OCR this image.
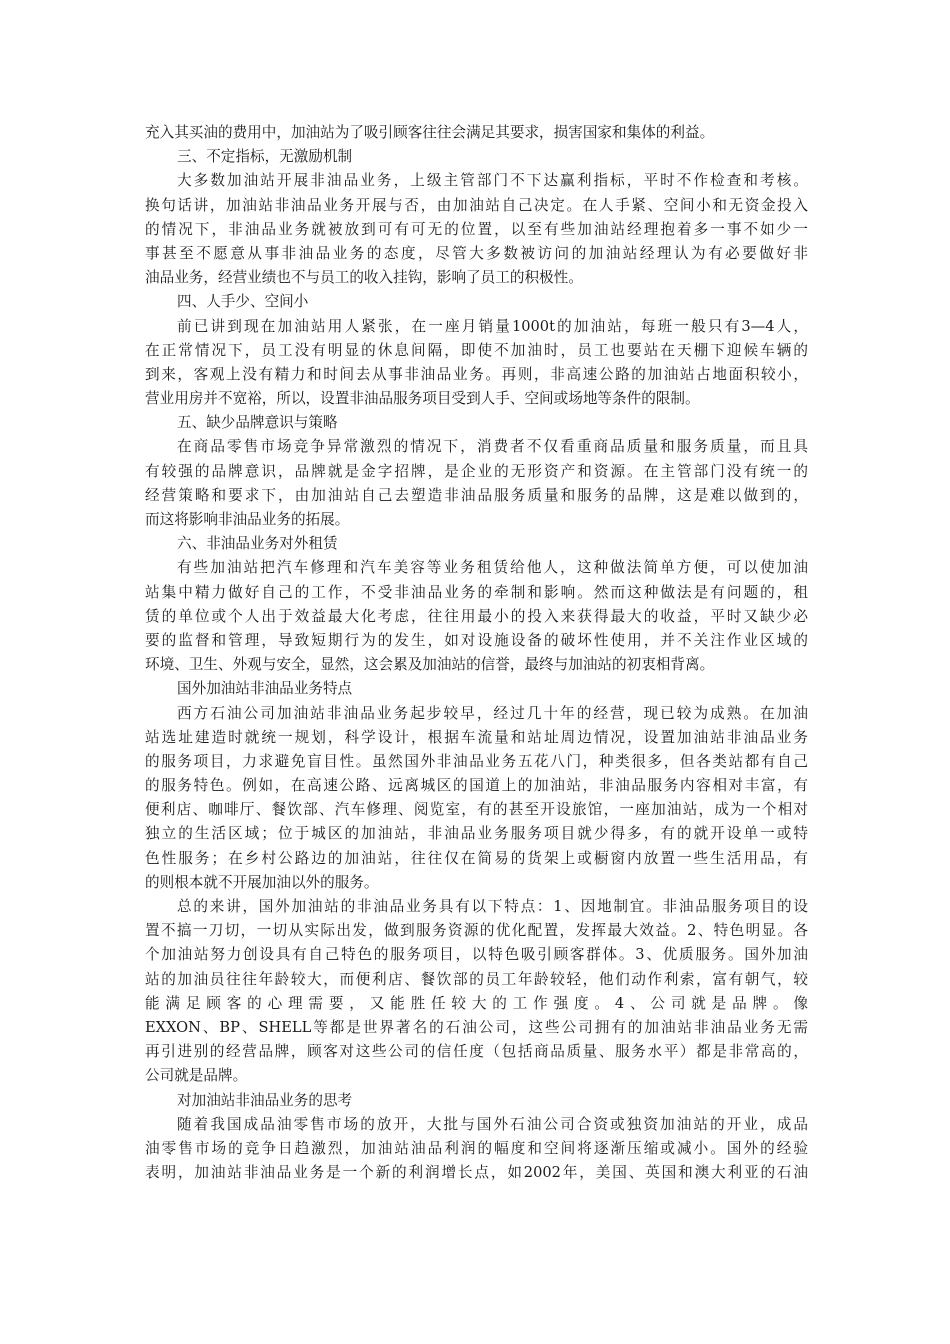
充入其买油的费用中，加油站为了吸引顾客往往会满足其要求，损害国家和集体的利益。
三、不定指标，无激励机制
大多数加油站开展非油品业务，上级主管部门不下达赢利指标，平时不作检查和考核。
换句话讲，加油站非油品业务开展与否，由加油站自己决定。在人手紧、空间小和无资金投入
的情况下，非油品业务就被放到可有可无的位置，以至有些加油站经理抱着多一事不如少一
事甚至不愿意从事非油品业务的态度，尽管大多数被访问的加油站经理认为有必要做好非
油品业务，经营业绩也不与员工的收入挂钩，影响了员工的积极性。
四、人手少、空间小
前已讲到现在加油站用人紧张，在一座月销量1000t的加油站，每班一般只有3—4人，
在正常情况下，员工没有明显的休息间隔，即使不加油时，员工也要站在天棚下迎候车辆的
到来，客观上没有精力和时间去从事非油品业务。再则，非高速公路的加油站占地面积较小，
营业用房并不宽裕，所以，设置非油品服务项目受到人手、空间或场地等条件的限制。
五、缺少品牌意识与策略
在商品零售市场竞争异常激烈的情况下，消费者不仅看重商品质量和服务质量，而且具
有较强的品牌意识，品牌就是金字招牌，是企业的无形资产和资源。在主管部门没有统一的
经营策略和要求下，由加油站自己去塑造非油品服务质量和服务的品牌，这是难以做到的，
而这将影响非油品业务的拓展。
六、非油品业务对外租赁
有些加油站把汽车修理和汽车美容等业务租赁给他人，这种做法简单方便，可以使加油
站集中精力做好自己的工作，不受非油品业务的牵制和影响。然而这种做法是有问题的，租
赁的单位或个人出于效益最大化考虑，往往用最小的投入来获得最大的收益，平时又缺少必
要的监督和管理，导致短期行为的发生，如对设施设备的破坏性使用，并不关注作业区域的
环境、卫生、外观与安全，显然，这会累及加油站的信誉，最终与加油站的初衷相背离。
国外加油站非油品业务特点
西方石油公司加油站非油品业务起步较早，经过几十年的经营，现已较为成熟。在加油
站选址建造时就统一规划，科学设计，根据车流量和站址周边情况，设置加油站非油品业务
的服务项目，力求避免盲目性。虽然国外非油品业务五花八门，种类很多，但各类站都有自己
的服务特色。例如，在高速公路、远离城区的国道上的加油站，非油品服务内容相对丰富，有
便利店、咖啡厅、餐饮部、汽车修理、阅览室，有的甚至开设旅馆，一座加油站，成为一个相对
独立的生活区域；位于城区的加油站，非油品业务服务项目就少得多，有的就开设单一或特
色性服务；在乡村公路边的加油站，往往仅在简易的货架上或橱窗内放置一些生活用品，有
的则根本就不开展加油以外的服务。
总的来讲，国外加油站的非油品业务具有以下特点：1、因地制宜。非油品服务项目的设
置不搞一刀切，一切从实际出发，做到服务资源的优化配置，发挥最大效益。2、特色明显。各
个加油站努力创设具有自己特色的服务项目，以特色吸引顾客群体。3、优质服务。国外加油
站的加油员往往年龄较大，而便利店、餐饮部的员工年龄较轻，他们动作利索，富有朝气，较
能满足顾客的心理需要，又能胜任较大的工作强度。4、公司就是品牌。像
EXXON、BP、SHELL等都是世界著名的石油公司，这些公司拥有的加油站非油品业务无需
再引进别的经营品牌，顾客对这些公司的信任度（包括商品质量、服务水平）都是非常高的，
公司就是品牌。
对加油站非油品业务的思考
随着我国成品油零售市场的放开，大批与国外石油公司合资或独资加油站的开业，成品
油零售市场的竞争日趋激烈，加油站油品利润的幅度和空间将逐渐压缩或减小。国外的经验
表明，加油站非油品业务是一个新的利润增长点，如2002年，美国、英国和澳大利亚的石油
